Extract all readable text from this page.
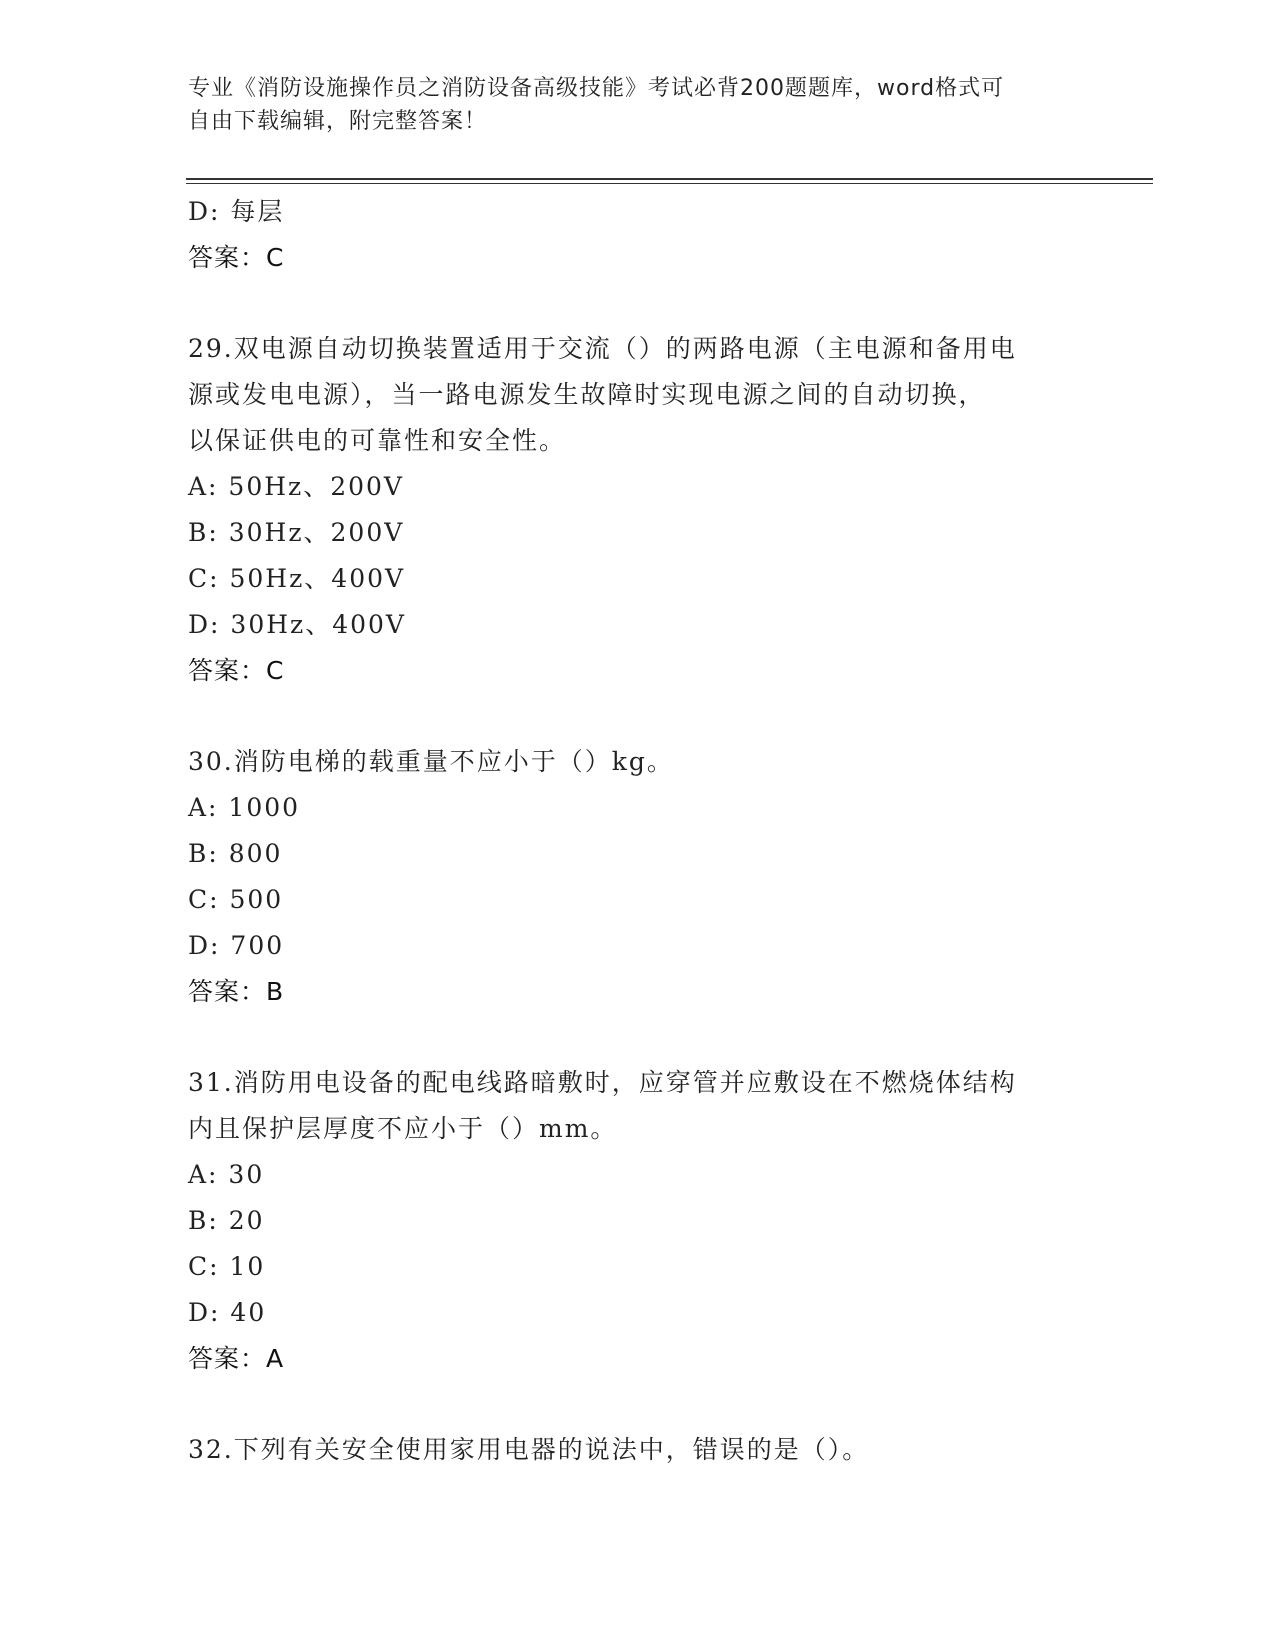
专业《消防设施操作员之消防设备高级技能》考试必背200题题库，word格式可
自由下载编辑，附完整答案！
D: 每层
答案：C
29.双电源自动切换装置适用于交流（）的两路电源（主电源和备用电
源或发电电源），当一路电源发生故障时实现电源之间的自动切换，
以保证供电的可靠性和安全性。
A: 50Hz、200V
B: 30Hz、200V
C: 50Hz、400V
D: 30Hz、400V
答案：C
30.消防电梯的载重量不应小于（）kg。
A: 1000
B: 800
C: 500
D: 700
答案：B
31.消防用电设备的配电线路暗敷时，应穿管并应敷设在不燃烧体结构
内且保护层厚度不应小于（）mm。
A: 30
B: 20
C: 10
D: 40
答案：A
32.下列有关安全使用家用电器的说法中，错误的是（）。
